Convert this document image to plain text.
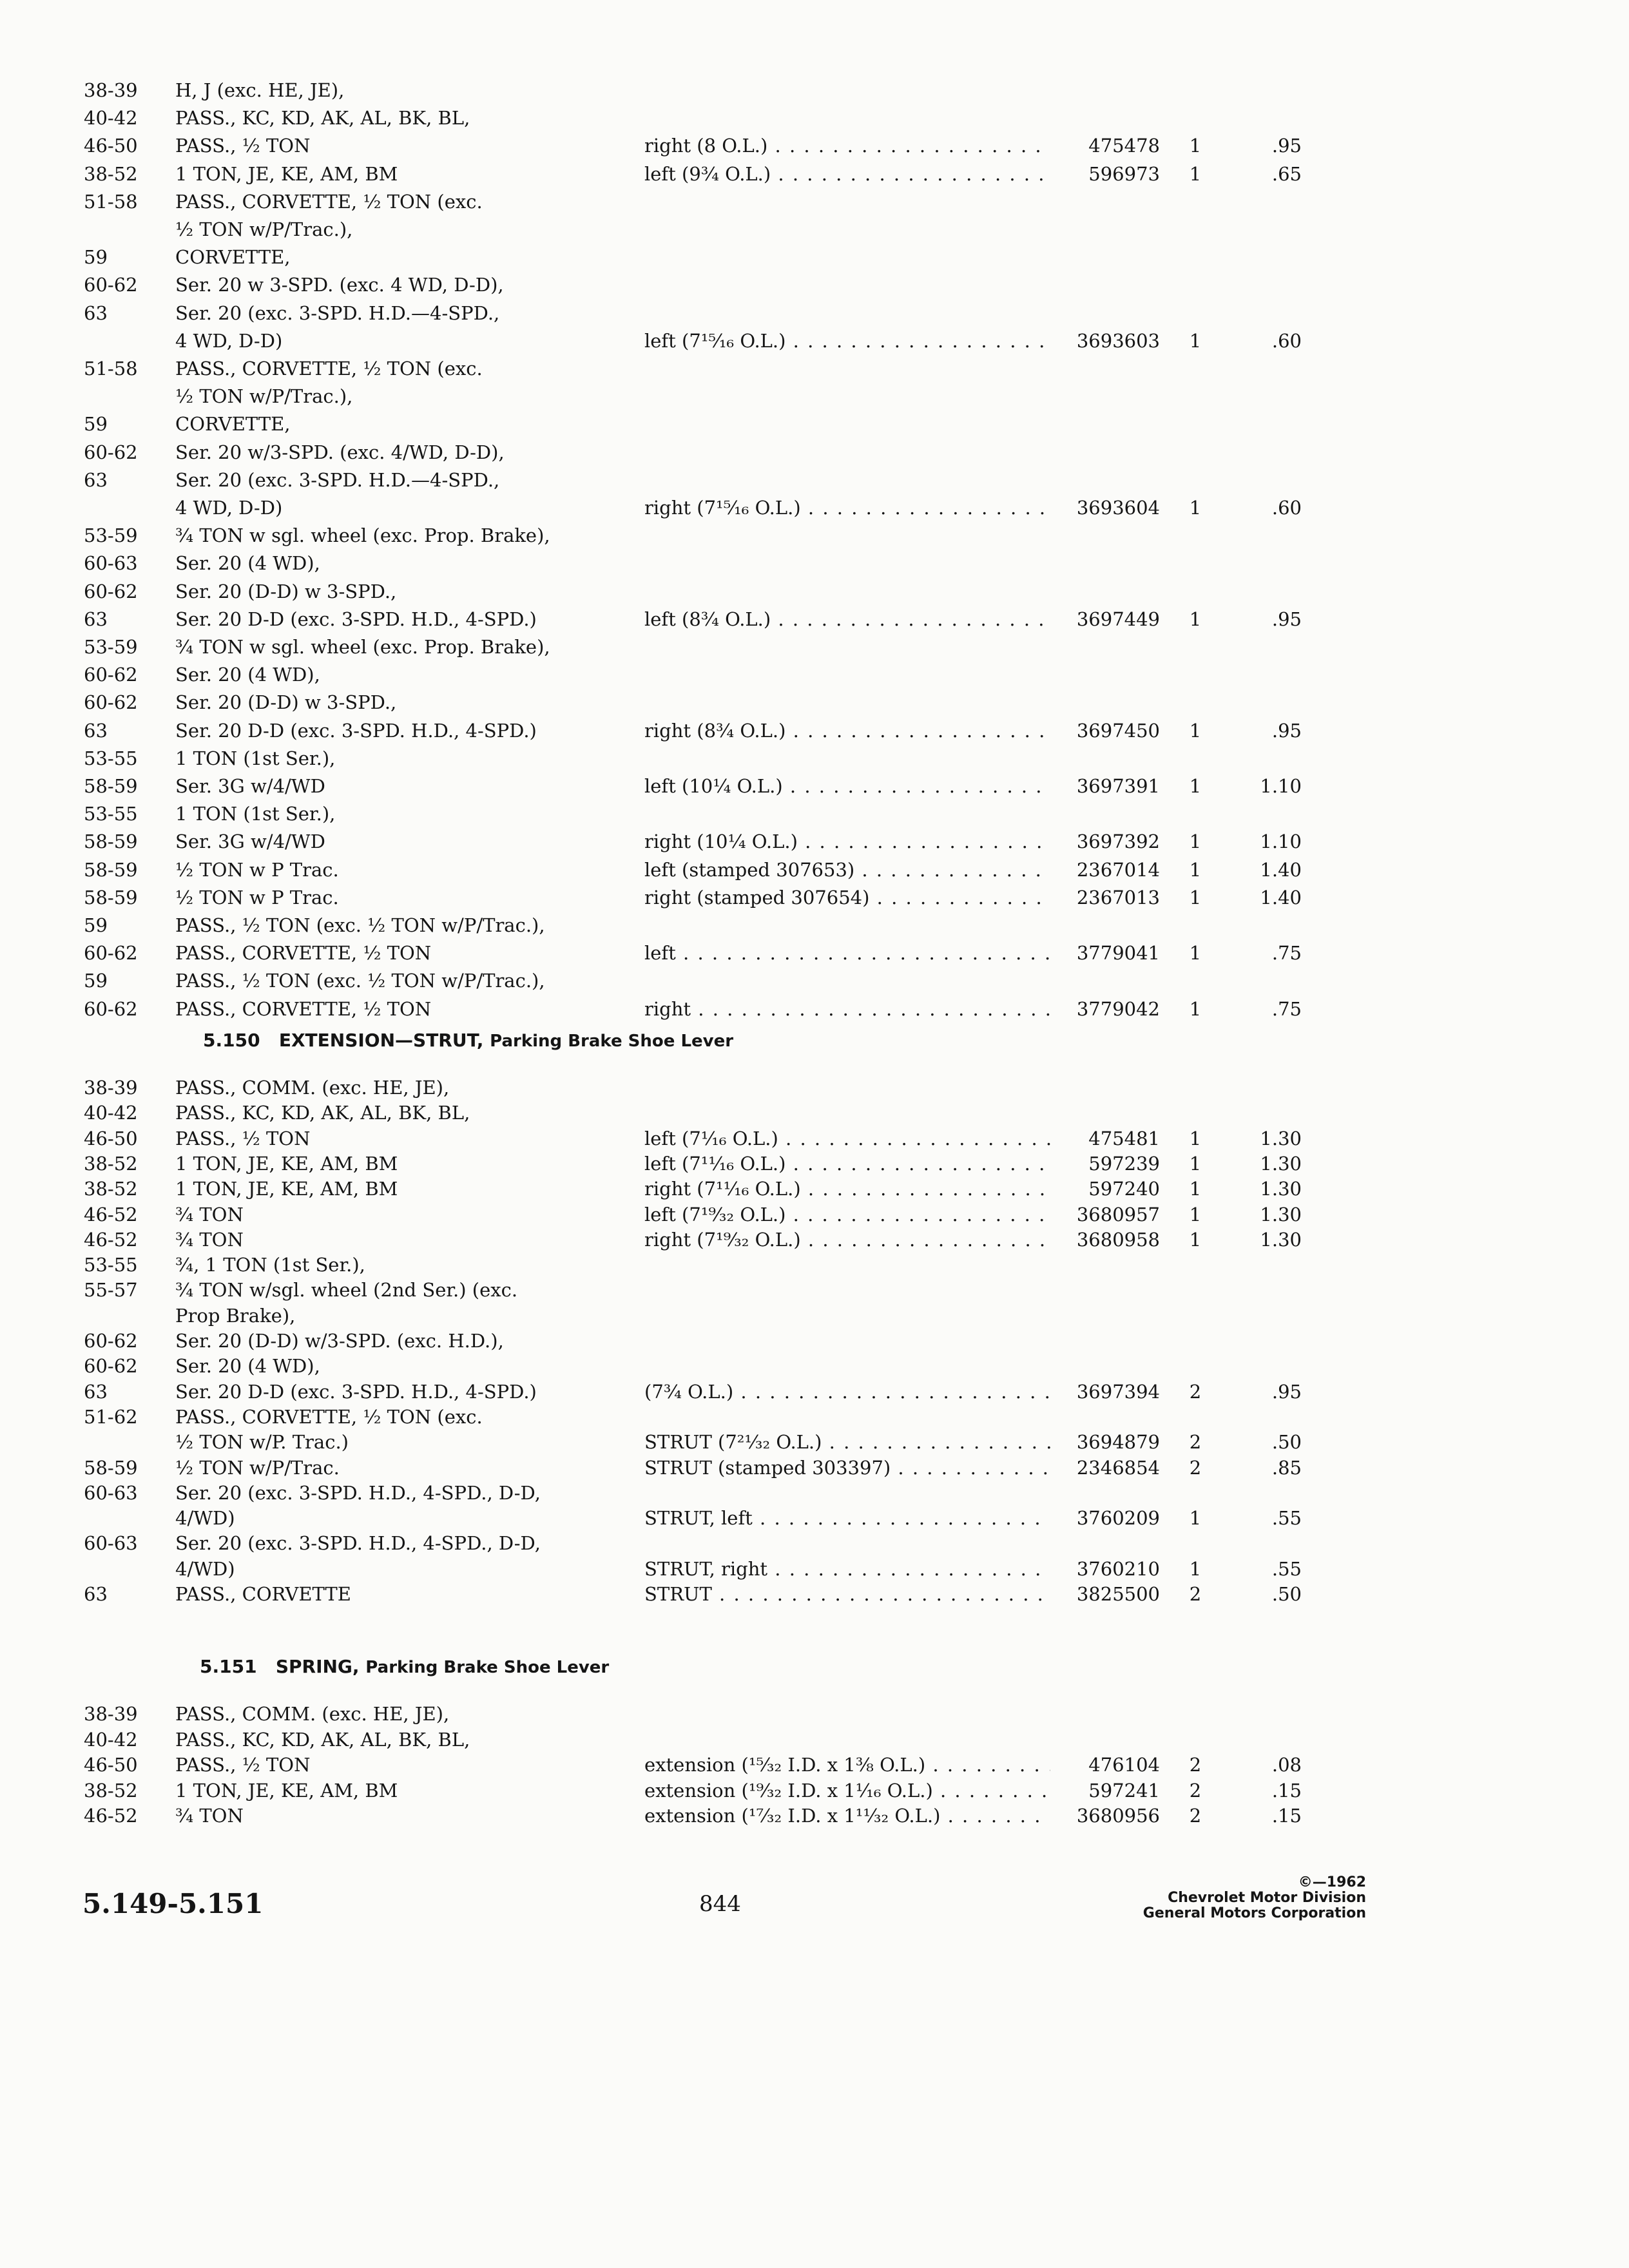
38-39	H, J (exc. HE, JE),
40-42	PASS., KC, KD, AK, AL, BK, BL,
46-50	PASS., ½ TON	right (8 O.L.) . . .	475478	1	.95
38-52	1 TON, JE, KE, AM, BM	left (9¾ O.L.) . . .	596973	1	.65
51-58	PASS., CORVETTE, ½ TON (exc.
½ TON w/P/Trac.),
59	CORVETTE,
60-62	Ser. 20 w 3-SPD. (exc. 4 WD, D-D),
63	Ser. 20 (exc. 3-SPD. H.D.—4-SPD.,
4 WD, D-D)	left (7¹⁵⁄₁₆ O.L.) . . .	3693603	1	.60
51-58	PASS., CORVETTE, ½ TON (exc.
½ TON w/P/Trac.),
59	CORVETTE,
60-62	Ser. 20 w/3-SPD. (exc. 4/WD, D-D),
63	Ser. 20 (exc. 3-SPD. H.D.—4-SPD.,
4 WD, D-D)	right (7¹⁵⁄₁₆ O.L.) . . .	3693604	1	.60
53-59	¾ TON w sgl. wheel (exc. Prop. Brake),
60-63	Ser. 20 (4 WD),
60-62	Ser. 20 (D-D) w 3-SPD.,
63	Ser. 20 D-D (exc. 3-SPD. H.D., 4-SPD.)	left (8¾ O.L.) . . .	3697449	1	.95
53-59	¾ TON w sgl. wheel (exc. Prop. Brake),
60-62	Ser. 20 (4 WD),
60-62	Ser. 20 (D-D) w 3-SPD.,
63	Ser. 20 D-D (exc. 3-SPD. H.D., 4-SPD.)	right (8¾ O.L.) . . .	3697450	1	.95
53-55	1 TON (1st Ser.),
58-59	Ser. 3G w/4/WD	left (10¼ O.L.) . . .	3697391	1	1.10
53-55	1 TON (1st Ser.),
58-59	Ser. 3G w/4/WD	right (10¼ O.L.) . . .	3697392	1	1.10
58-59	½ TON w P Trac.	left (stamped 307653) . . .	2367014	1	1.40
58-59	½ TON w P Trac.	right (stamped 307654) . . .	2367013	1	1.40
59	PASS., ½ TON (exc. ½ TON w/P/Trac.),
60-62	PASS., CORVETTE, ½ TON	left . . .	3779041	1	.75
59	PASS., ½ TON (exc. ½ TON w/P/Trac.),
60-62	PASS., CORVETTE, ½ TON	right . . .	3779042	1	.75
5.150 EXTENSION—STRUT, Parking Brake Shoe Lever
38-39	PASS., COMM. (exc. HE, JE),
40-42	PASS., KC, KD, AK, AL, BK, BL,
46-50	PASS., ½ TON	left (7¹⁄₁₆ O.L.) . . .	475481	1	1.30
38-52	1 TON, JE, KE, AM, BM	left (7¹¹⁄₁₆ O.L.) . . .	597239	1	1.30
38-52	1 TON, JE, KE, AM, BM	right (7¹¹⁄₁₆ O.L.) . . .	597240	1	1.30
46-52	¾ TON	left (7¹⁹⁄₃₂ O.L.) . . .	3680957	1	1.30
46-52	¾ TON	right (7¹⁹⁄₃₂ O.L.) . . .	3680958	1	1.30
53-55	¾, 1 TON (1st Ser.),
55-57	¾ TON w/sgl. wheel (2nd Ser.) (exc.
Prop Brake),
60-62	Ser. 20 (D-D) w/3-SPD. (exc. H.D.),
60-62	Ser. 20 (4 WD),
63	Ser. 20 D-D (exc. 3-SPD. H.D., 4-SPD.)	(7¾ O.L.) . . .	3697394	2	.95
51-62	PASS., CORVETTE, ½ TON (exc.
½ TON w/P. Trac.)	STRUT (7²¹⁄₃₂ O.L.) . . .	3694879	2	.50
58-59	½ TON w/P/Trac.	STRUT (stamped 303397) . . .	2346854	2	.85
60-63	Ser. 20 (exc. 3-SPD. H.D., 4-SPD., D-D,
4/WD)	STRUT, left . . .	3760209	1	.55
60-63	Ser. 20 (exc. 3-SPD. H.D., 4-SPD., D-D,
4/WD)	STRUT, right . . .	3760210	1	.55
63	PASS., CORVETTE	STRUT . . .	3825500	2	.50
5.151 SPRING, Parking Brake Shoe Lever
38-39	PASS., COMM. (exc. HE, JE),
40-42	PASS., KC, KD, AK, AL, BK, BL,
46-50	PASS., ½ TON	extension (¹⁵⁄₃₂ I.D. x 1⅜ O.L.) . . .	476104	2	.08
38-52	1 TON, JE, KE, AM, BM	extension (¹⁹⁄₃₂ I.D. x 1⅟₁₆ O.L.) . . .	597241	2	.15
46-52	¾ TON	extension (¹⁷⁄₃₂ I.D. x 1¹¹⁄₃₂ O.L.) . . .	3680956	2	.15
5.149-5.151	844
©—1962
Chevrolet Motor Division
General Motors Corporation
